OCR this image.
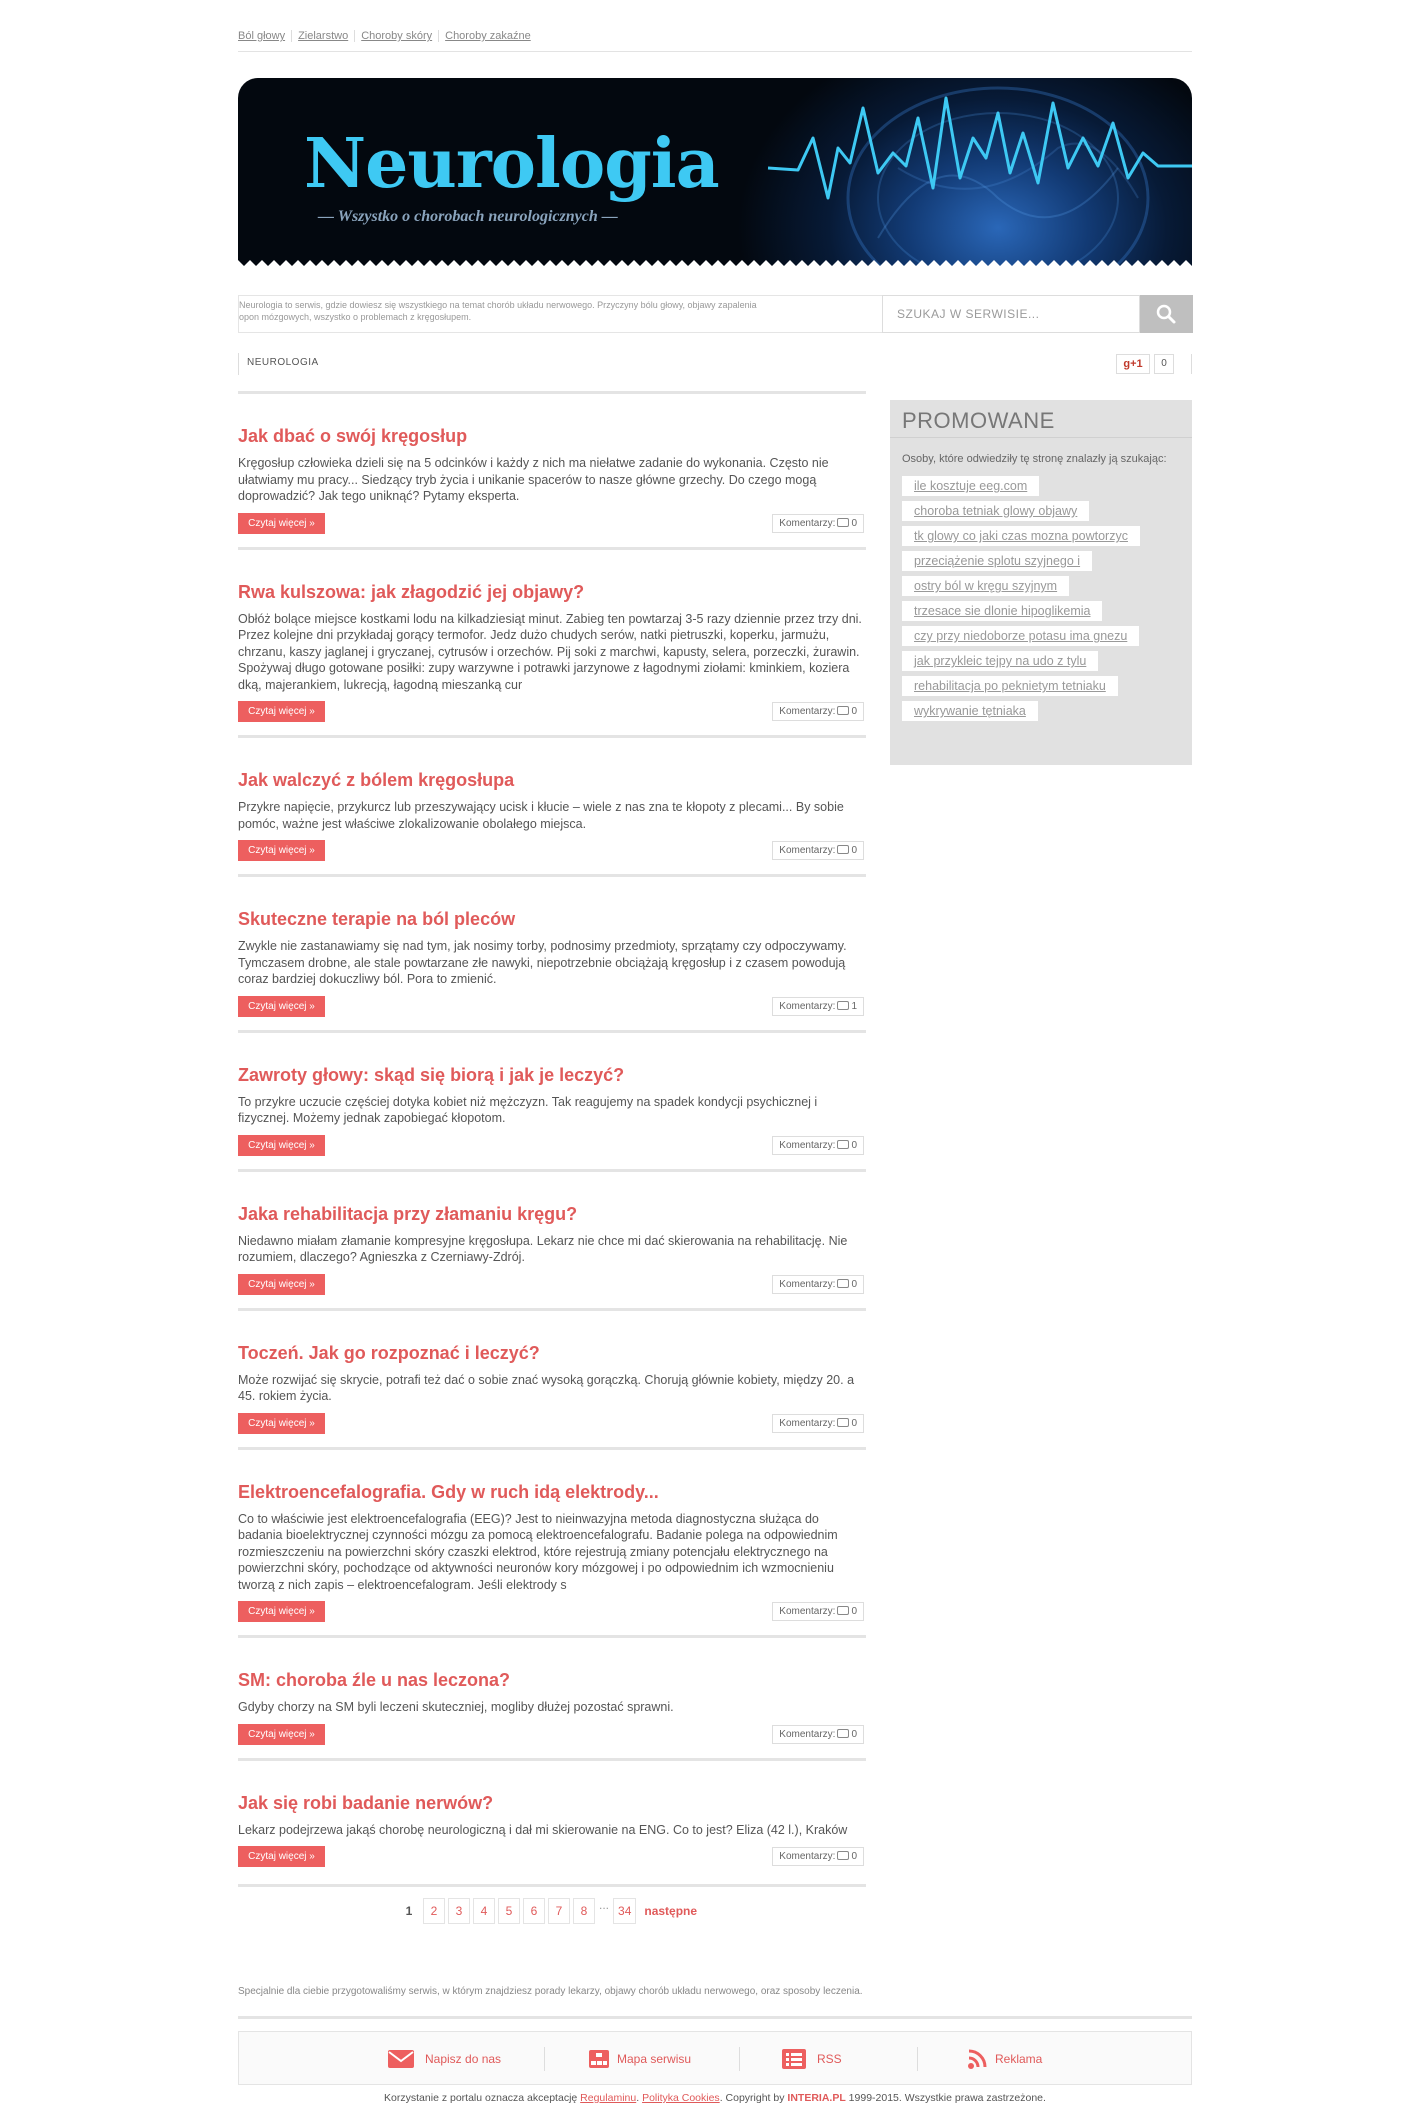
Ból głowy Zielarstwo Choroby skóry Choroby zakaźne
Neurologia
— Wszystko o chorobach neurologicznych —
Neurologia to serwis, gdzie dowiesz się wszystkiego na temat chorób układu nerwowego. Przyczyny bólu głowy, objawy zapalenia opon mózgowych, wszystko o problemach z kręgosłupem.	SZUKAJ W SERWISIE...
NEUROLOGIA	g+1	0
Jak dbać o swój kręgosłup

Kręgosłup człowieka dzieli się na 5 odcinków i każdy z nich ma niełatwe zadanie do wykonania. Często nie ułatwiamy mu pracy... Siedzący tryb życia i unikanie spacerów to nasze główne grzechy. Do czego mogą doprowadzić? Jak tego uniknąć? Pytamy eksperta.

Czytaj więcej »	Komentarzy: 0
Rwa kulszowa: jak złagodzić jej objawy?

Obłóż bolące miejsce kostkami lodu na kilkadziesiąt minut. Zabieg ten powtarzaj 3-5 razy dziennie przez trzy dni. Przez kolejne dni przykładaj gorący termofor. Jedz dużo chudych serów, natki pietruszki, koperku, jarmużu, chrzanu, kaszy jaglanej i gryczanej, cytrusów i orzechów. Pij soki z marchwi, kapusty, selera, porzeczki, żurawin. Spożywaj długo gotowane posiłki: zupy warzywne i potrawki jarzynowe z łagodnymi ziołami: kminkiem, koziera dką, majerankiem, lukrecją, łagodną mieszanką cur

Czytaj więcej »	Komentarzy: 0
Jak walczyć z bólem kręgosłupa

Przykre napięcie, przykurcz lub przeszywający ucisk i kłucie – wiele z nas zna te kłopoty z plecami... By sobie pomóc, ważne jest właściwe zlokalizowanie obolałego miejsca.

Czytaj więcej »	Komentarzy: 0
Skuteczne terapie na ból pleców

Zwykle nie zastanawiamy się nad tym, jak nosimy torby, podnosimy przedmioty, sprzątamy czy odpoczywamy. Tymczasem drobne, ale stale powtarzane złe nawyki, niepotrzebnie obciążają kręgosłup i z czasem powodują coraz bardziej dokuczliwy ból. Pora to zmienić.

Czytaj więcej »	Komentarzy: 1
Zawroty głowy: skąd się biorą i jak je leczyć?

To przykre uczucie częściej dotyka kobiet niż mężczyzn. Tak reagujemy na spadek kondycji psychicznej i fizycznej. Możemy jednak zapobiegać kłopotom.

Czytaj więcej »	Komentarzy: 0
Jaka rehabilitacja przy złamaniu kręgu?

Niedawno miałam złamanie kompresyjne kręgosłupa. Lekarz nie chce mi dać skierowania na rehabilitację. Nie rozumiem, dlaczego? Agnieszka z Czerniawy-Zdrój.

Czytaj więcej »	Komentarzy: 0
Toczeń. Jak go rozpoznać i leczyć?

Może rozwijać się skrycie, potrafi też dać o sobie znać wysoką gorączką. Chorują głównie kobiety, między 20. a 45. rokiem życia.

Czytaj więcej »	Komentarzy: 0
Elektroencefalografia. Gdy w ruch idą elektrody...

Co to właściwie jest elektroencefalografia (EEG)? Jest to nieinwazyjna metoda diagnostyczna służąca do badania bioelektrycznej czynności mózgu za pomocą elektroencefalografu. Badanie polega na odpowiednim rozmieszczeniu na powierzchni skóry czaszki elektrod, które rejestrują zmiany potencjału elektrycznego na powierzchni skóry, pochodzące od aktywności neuronów kory mózgowej i po odpowiednim ich wzmocnieniu tworzą z nich zapis – elektroencefalogram. Jeśli elektrody s

Czytaj więcej »	Komentarzy: 0
SM: choroba źle u nas leczona?

Gdyby chorzy na SM byli leczeni skuteczniej, mogliby dłużej pozostać sprawni.

Czytaj więcej »	Komentarzy: 0
Jak się robi badanie nerwów?

Lekarz podejrzewa jakąś chorobę neurologiczną i dał mi skierowanie na ENG. Co to jest? Eliza (42 l.), Kraków

Czytaj więcej »	Komentarzy: 0
1 2 3 4 5 6 7 8 ... 34 następne
PROMOWANE
Osoby, które odwiedziły tę stronę znalazły ją szukając:
ile kosztuje eeg.com
choroba tetniak glowy objawy
tk glowy co jaki czas mozna powtorzyc
przeciążenie splotu szyjnego i
ostry ból w kręgu szyjnym
trzesace sie dlonie hipoglikemia
czy przy niedoborze potasu ima gnezu
jak przykleic tejpy na udo z tylu
rehabilitacja po peknietym tetniaku
wykrywanie tętniaka
Specjalnie dla ciebie przygotowaliśmy serwis, w którym znajdziesz porady lekarzy, objawy chorób układu nerwowego, oraz sposoby leczenia.
Napisz do nas	Mapa serwisu	RSS	Reklama
Korzystanie z portalu oznacza akceptację Regulaminu. Polityka Cookies. Copyright by INTERIA.PL 1999-2015. Wszystkie prawa zastrzeżone.
